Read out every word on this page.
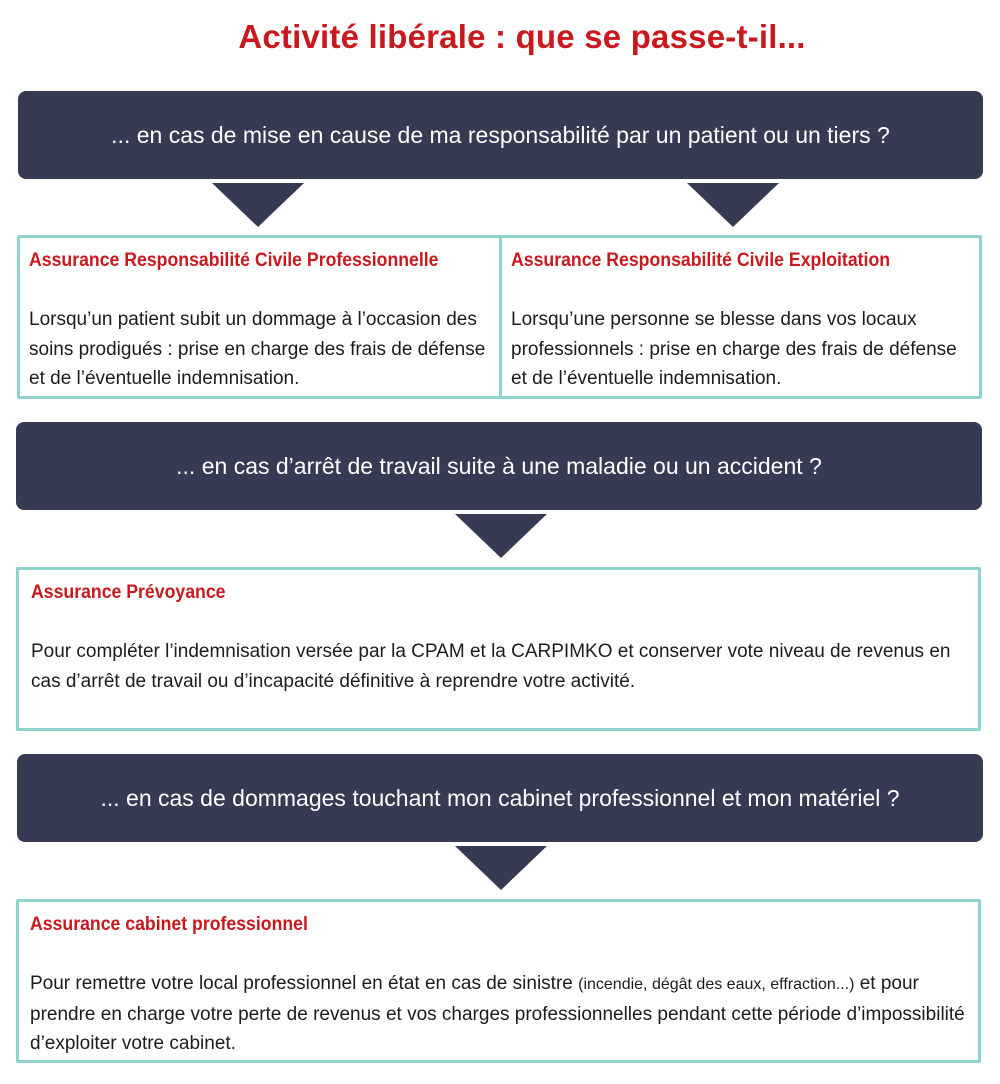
Activité libérale : que se passe-t-il...
... en cas de mise en cause de ma responsabilité par un patient ou un tiers ?
Assurance Responsabilité Civile Professionnelle
Lorsqu’un patient subit un dommage à l’occasion des soins prodigués : prise en charge des frais de défense et de l’éventuelle indemnisation.
Assurance Responsabilité Civile Exploitation
Lorsqu’une personne se blesse dans vos locaux professionnels : prise en charge des frais de défense et de l’éventuelle indemnisation.
... en cas d’arrêt de travail suite à une maladie ou un accident ?
Assurance Prévoyance
Pour compléter l’indemnisation versée par la CPAM et la CARPIMKO et conserver vote niveau de revenus en cas d’arrêt de travail ou d’incapacité définitive à reprendre votre activité.
... en cas de dommages touchant mon cabinet professionnel et mon matériel ?
Assurance cabinet professionnel
Pour remettre votre local professionnel en état en cas de sinistre (incendie, dégât des eaux, effraction...) et pour prendre en charge votre perte de revenus et vos charges professionnelles pendant cette période d’impossibilité d’exploiter votre cabinet.
